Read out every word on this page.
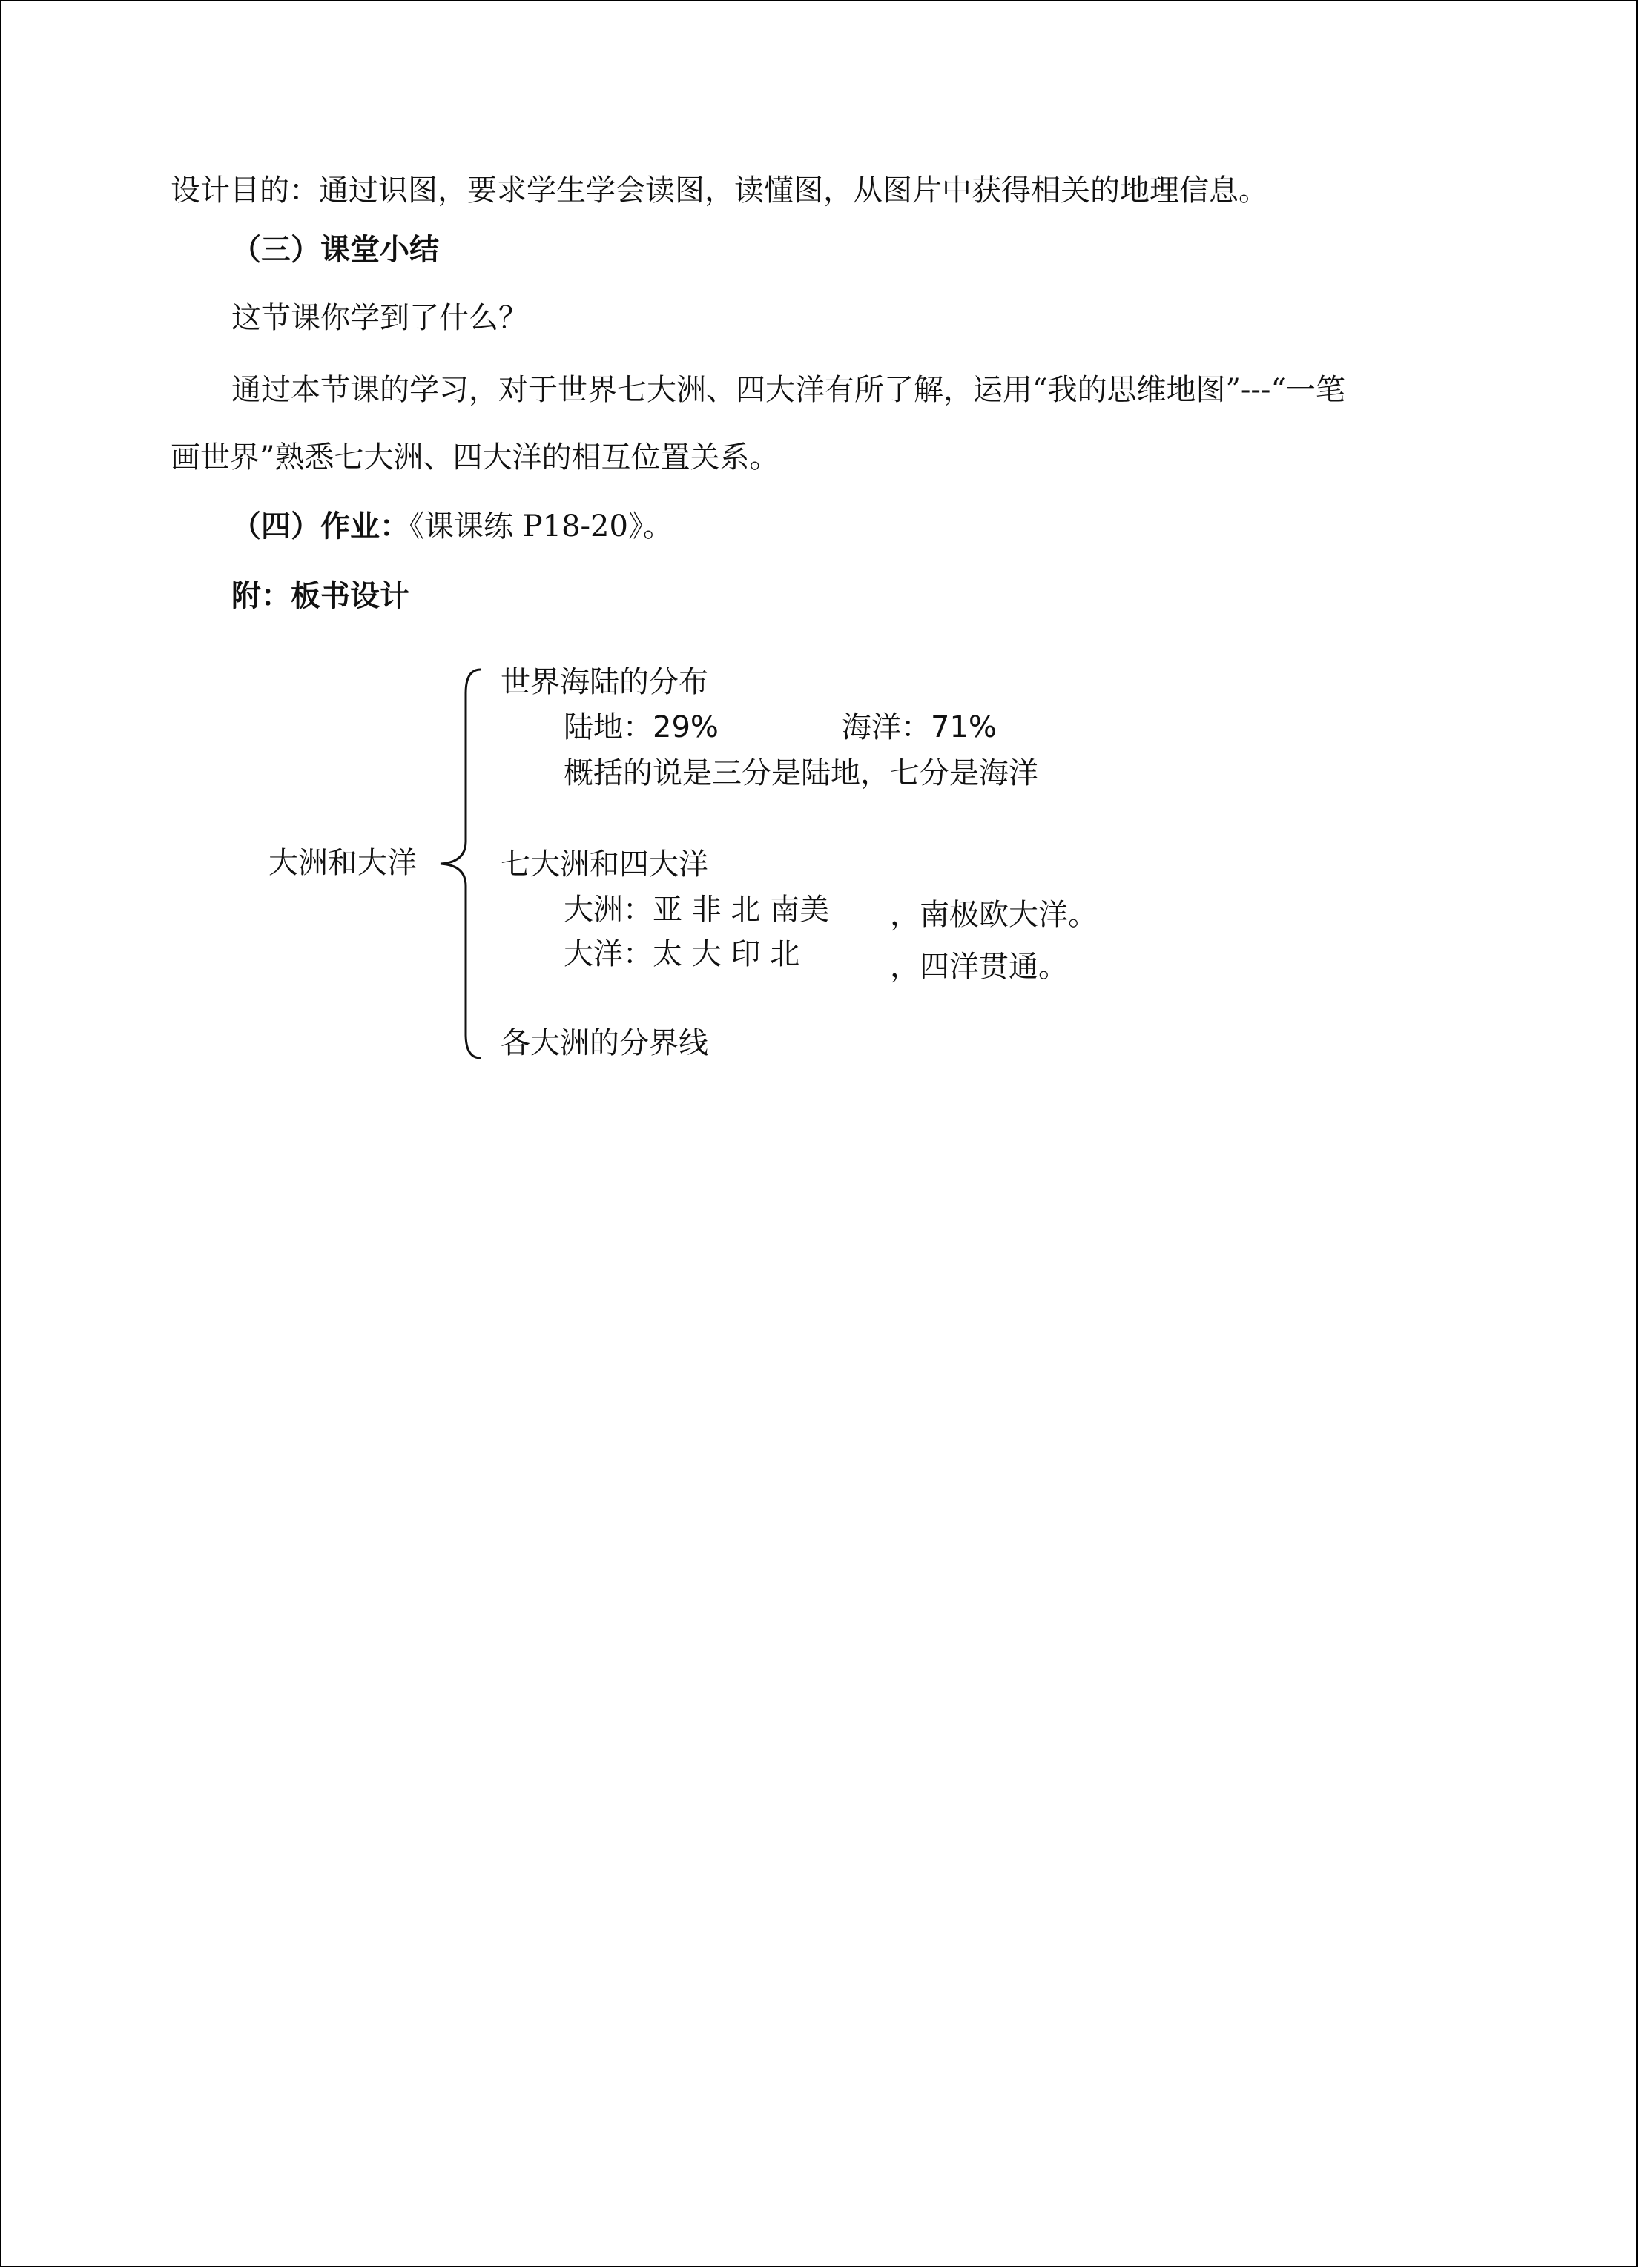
设计目的：通过识图，要求学生学会读图，读懂图，从图片中获得相关的地理信息。
（三）课堂小结
这节课你学到了什么？
通过本节课的学习，对于世界七大洲、四大洋有所了解，运用“我的思维地图”---“一笔
画世界”熟悉七大洲、四大洋的相互位置关系。
（四）作业：《课课练 P18-20》。
附：板书设计
大洲和大洋
世界海陆的分布
陆地：29%	海洋：71%
概括的说是三分是陆地，七分是海洋
七大洲和四大洋
大洲：亚 非 北 南美 ，南极欧大洋。
大洋：太 大 印 北	，四洋贯通。
各大洲的分界线
